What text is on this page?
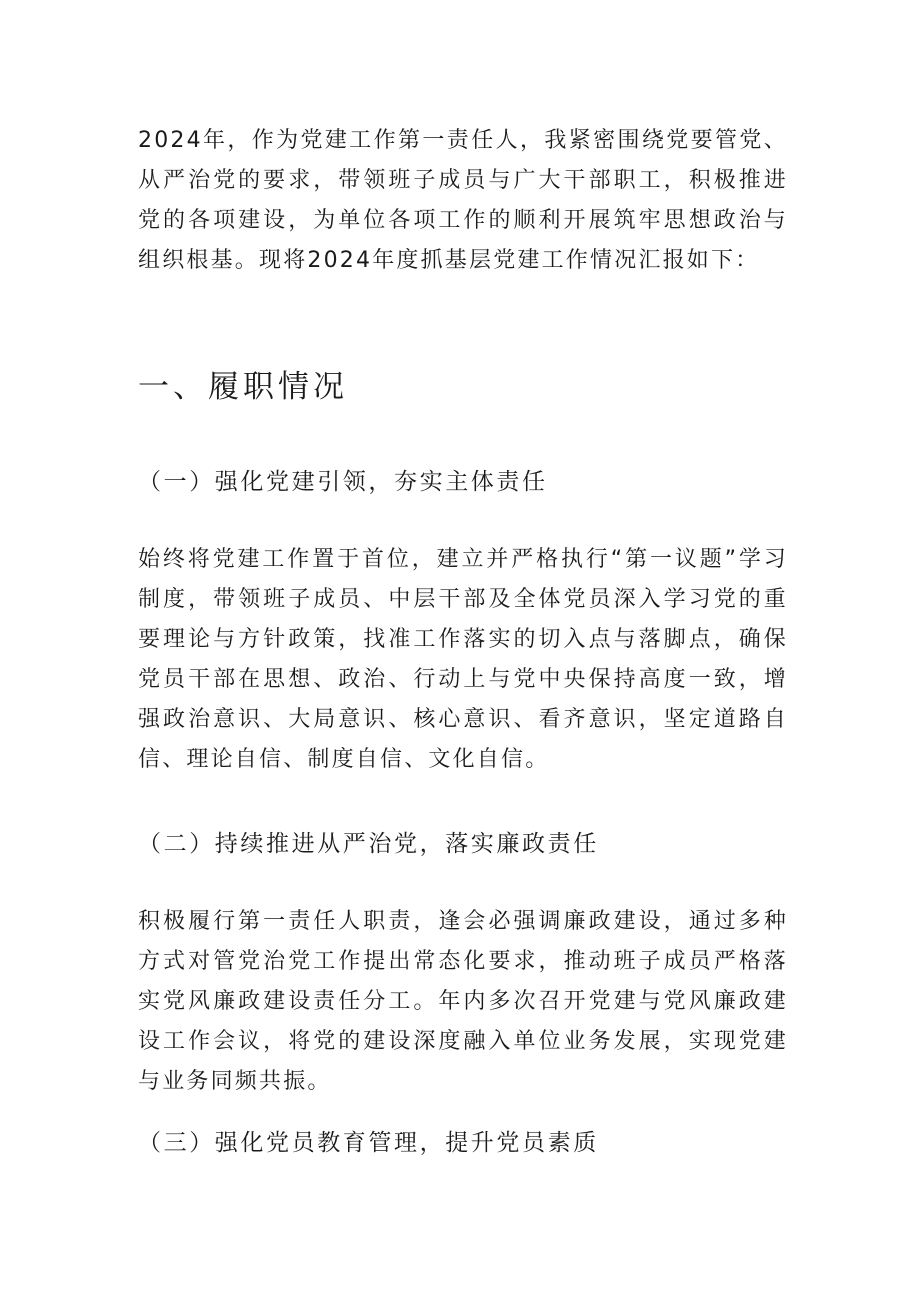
2024年，作为党建工作第一责任人，我紧密围绕党要管党、从严治党的要求，带领班子成员与广大干部职工，积极推进党的各项建设，为单位各项工作的顺利开展筑牢思想政治与组织根基。现将2024年度抓基层党建工作情况汇报如下：

一、履职情况
（一）强化党建引领，夯实主体责任

始终将党建工作置于首位，建立并严格执行“第一议题”学习制度，带领班子成员、中层干部及全体党员深入学习党的重要理论与方针政策，找准工作落实的切入点与落脚点，确保党员干部在思想、政治、行动上与党中央保持高度一致，增强政治意识、大局意识、核心意识、看齐意识，坚定道路自信、理论自信、制度自信、文化自信。

（二）持续推进从严治党，落实廉政责任

积极履行第一责任人职责，逢会必强调廉政建设，通过多种方式对管党治党工作提出常态化要求，推动班子成员严格落实党风廉政建设责任分工。年内多次召开党建与党风廉政建设工作会议，将党的建设深度融入单位业务发展，实现党建与业务同频共振。

（三）强化党员教育管理，提升党员素质
